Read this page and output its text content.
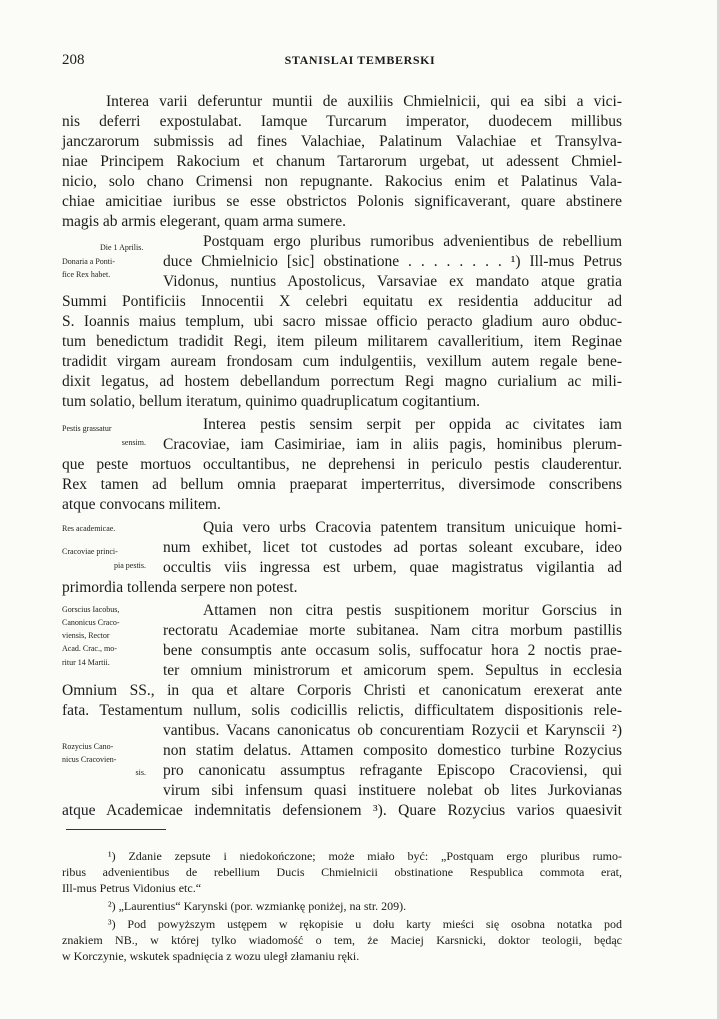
208	STANISLAI TEMBERSKI
Interea varii deferuntur muntii de auxiliis Chmielnicii, qui ea sibi a vici-
nis deferri expostulabat. Iamque Turcarum imperator, duodecem millibus
janczarorum submissis ad fines Valachiae, Palatinum Valachiae et Transylva-
niae Principem Rakocium et chanum Tartarorum urgebat, ut adessent Chmiel-
nicio, solo chano Crimensi non repugnante. Rakocius enim et Palatinus Vala-
chiae amicitiae iuribus se esse obstrictos Polonis significaverant, quare abstinere
magis ab armis elegerant, quam arma sumere.
Postquam ergo pluribus rumoribus advenientibus de rebellium
duce Chmielnicio [sic] obstinatione . . . . . . . . ¹) Ill-mus Petrus
Vidonus, nuntius Apostolicus, Varsaviae ex mandato atque gratia
Summi Pontificiis Innocentii X celebri equitatu ex residentia adducitur ad
S. Ioannis maius templum, ubi sacro missae officio peracto gladium auro obduc-
tum benedictum tradidit Regi, item pileum militarem cavalleritium, item Reginae
tradidit virgam auream frondosam cum indulgentiis, vexillum autem regale bene-
dixit legatus, ad hostem debellandum porrectum Regi magno curialium ac mili-
tum solatio, bellum iteratum, quinimo quadruplicatum cogitantium.
Interea pestis sensim serpit per oppida ac civitates iam
Cracoviae, iam Casimiriae, iam in aliis pagis, hominibus plerum-
que peste mortuos occultantibus, ne deprehensi in periculo pestis clauderentur.
Rex tamen ad bellum omnia praeparat imperterritus, diversimode conscribens
atque convocans militem.
Quia vero urbs Cracovia patentem transitum unicuique homi-
num exhibet, licet tot custodes ad portas soleant excubare, ideo
occultis viis ingressa est urbem, quae magistratus vigilantia ad
primordia tollenda serpere non potest.
Attamen non citra pestis suspitionem moritur Gorscius in
rectoratu Academiae morte subitanea. Nam citra morbum pastillis
bene consumptis ante occasum solis, suffocatur hora 2 noctis prae-
ter omnium ministrorum et amicorum spem. Sepultus in ecclesia
Omnium SS., in qua et altare Corporis Christi et canonicatum erexerat ante
fata. Testamentum nullum, solis codicillis relictis, difficultatem dispositionis rele-
vantibus. Vacans canonicatus ob concurentiam Rozycii et Karynscii ²)
non statim delatus. Attamen composito domestico turbine Rozycius
pro canonicatu assumptus refragante Episcopo Cracoviensi, qui
virum sibi infensum quasi instituere nolebat ob lites Jurkovianas
atque Academicae indemnitatis defensionem ³). Quare Rozycius varios quaesivit
Die 1 Aprilis.
Donaria a Ponti-
fice Rex habet.
Pestis grassatur
sensim.
Res academicae.
Cracoviae princi-
pia pestis.
Gorscius Iacobus,
Canonicus Craco-
viensis, Rector
Acad. Crac., mo-
ritur 14 Martii.
Rozycius Cano-
nicus Cracovien-
sis.
¹) Zdanie zepsute i niedokończone; może miało być: „Postquam ergo pluribus rumo-
ribus advenientibus de rebellium Ducis Chmielnicii obstinatione Respublica commota erat,
Ill-mus Petrus Vidonius etc.“
²) „Laurentius“ Karynski (por. wzmiankę poniżej, na str. 209).
³) Pod powyższym ustępem w rękopisie u dołu karty mieści się osobna notatka pod
znakiem NB., w której tylko wiadomość o tem, że Maciej Karsnicki, doktor teologii, będąc
w Korczynie, wskutek spadnięcia z wozu uległ złamaniu ręki.
